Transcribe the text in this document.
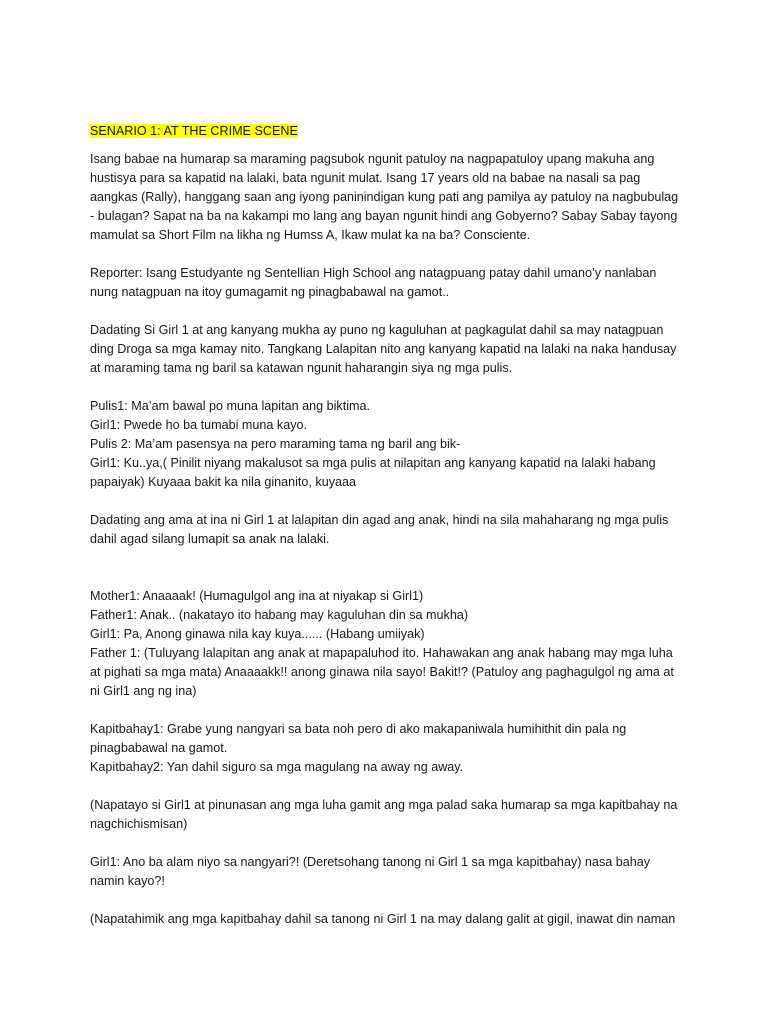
SENARIO 1: AT THE CRIME SCENE

Isang babae na humarap sa maraming pagsubok ngunit patuloy na nagpapatuloy upang makuha ang hustisya para sa kapatid na lalaki, bata ngunit mulat. Isang 17 years old na babae na nasali sa pag aangkas (Rally), hanggang saan ang iyong paninindigan kung pati ang pamilya ay patuloy na nagbubulag - bulagan? Sapat na ba na kakampi mo lang ang bayan ngunit hindi ang Gobyerno? Sabay Sabay tayong mamulat sa Short Film na likha ng Humss A, Ikaw mulat ka na ba? Consciente.

Reporter: Isang Estudyante ng Sentellian High School ang natagpuang patay dahil umano’y nanlaban nung natagpuan na itoy gumagamit ng pinagbabawal na gamot..

Dadating Si Girl 1 at ang kanyang mukha ay puno ng kaguluhan at pagkagulat dahil sa may natagpuan ding Droga sa mga kamay nito. Tangkang Lalapitan nito ang kanyang kapatid na lalaki na naka handusay at maraming tama ng baril sa katawan ngunit haharangin siya ng mga pulis.

Pulis1: Ma’am bawal po muna lapitan ang biktima.

Girl1: Pwede ho ba tumabi muna kayo.

Pulis 2: Ma’am pasensya na pero maraming tama ng baril ang bik-

Girl1: Ku..ya,( Pinilit niyang makalusot sa mga pulis at nilapitan ang kanyang kapatid na lalaki habang papaiyak) Kuyaaa bakit ka nila ginanito, kuyaaa

Dadating ang ama at ina ni Girl 1 at lalapitan din agad ang anak, hindi na sila mahaharang ng mga pulis dahil agad silang lumapit sa anak na lalaki.

Mother1: Anaaaak! (Humagulgol ang ina at niyakap si Girl1)

Father1: Anak.. (nakatayo ito habang may kaguluhan din sa mukha)

Girl1: Pa, Anong ginawa nila kay kuya...... (Habang umiiyak)

Father 1: (Tuluyang lalapitan ang anak at mapapaluhod ito. Hahawakan ang anak habang may mga luha at pighati sa mga mata) Anaaaakk!! anong ginawa nila sayo! Bakit!? (Patuloy ang paghagulgol ng ama at ni Girl1 ang ng ina)

Kapitbahay1: Grabe yung nangyari sa bata noh pero di ako makapaniwala humihithit din pala ng pinagbabawal na gamot.

Kapitbahay2: Yan dahil siguro sa mga magulang na away ng away.

(Napatayo si Girl1 at pinunasan ang mga luha gamit ang mga palad saka humarap sa mga kapitbahay na nagchichismisan)

Girl1: Ano ba alam niyo sa nangyari?! (Deretsohang tanong ni Girl 1 sa mga kapitbahay) nasa bahay namin kayo?!

(Napatahimik ang mga kapitbahay dahil sa tanong ni Girl 1 na may dalang galit at gigil, inawat din naman
